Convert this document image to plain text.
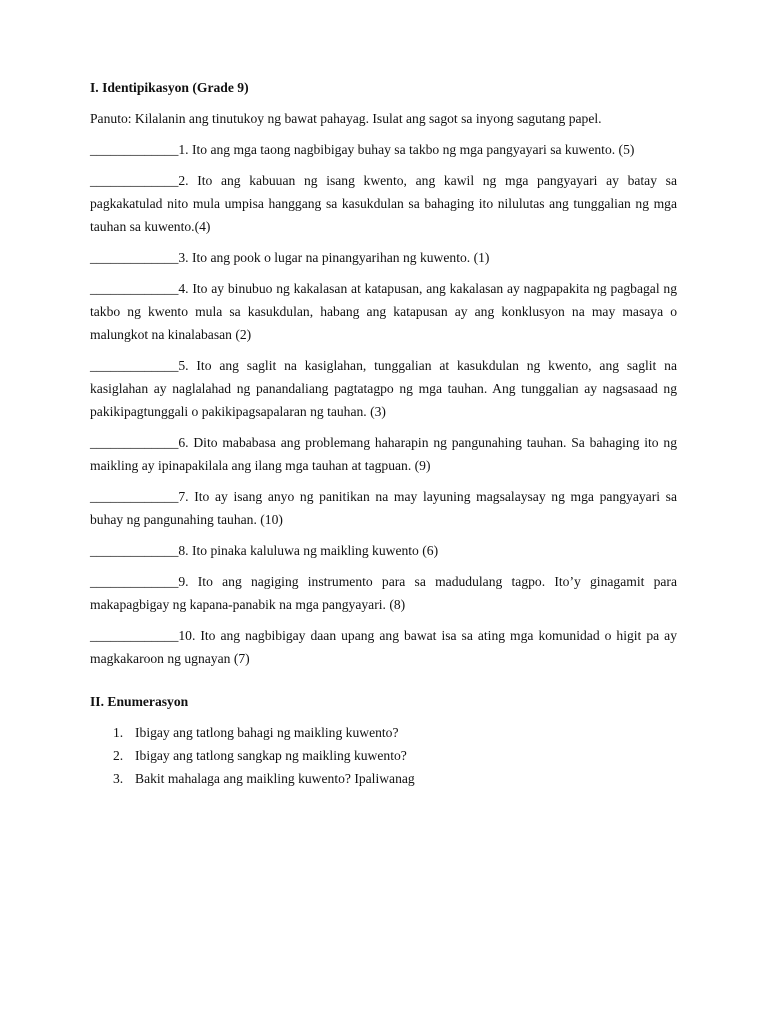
I. Identipikasyon (Grade 9)
Panuto: Kilalanin ang tinutukoy ng bawat pahayag. Isulat ang sagot sa inyong sagutang papel.
_____________1. Ito ang mga taong nagbibigay buhay sa takbo ng mga pangyayari sa kuwento. (5)
_____________2. Ito ang kabuuan ng isang kwento, ang kawil ng mga pangyayari ay batay sa pagkakatulad nito mula umpisa hanggang sa kasukdulan sa bahaging ito nilulutas ang tunggalian ng mga tauhan sa kuwento.(4)
_____________3. Ito ang pook o lugar na pinangyarihan ng kuwento. (1)
_____________4. Ito ay binubuo ng kakalasan at katapusan, ang kakalasan ay nagpapakita ng pagbagal ng takbo ng kwento mula sa kasukdulan, habang ang katapusan ay ang konklusyon na may masaya o malungkot na kinalabasan (2)
_____________5. Ito ang saglit na kasiglahan, tunggalian at kasukdulan ng kwento, ang saglit na kasiglahan ay naglalahad ng panandaliang pagtatagpo ng mga tauhan. Ang tunggalian ay nagsasaad ng pakikipagtunggali o pakikipagsapalaran ng tauhan. (3)
_____________6. Dito mababasa ang problemang haharapin ng pangunahing tauhan. Sa bahaging ito ng maikling ay ipinapakilala ang ilang mga tauhan at tagpuan. (9)
_____________7. Ito ay isang anyo ng panitikan na may layuning magsalaysay ng mga pangyayari sa buhay ng pangunahing tauhan. (10)
_____________8. Ito pinaka kaluluwa ng maikling kuwento (6)
_____________9. Ito ang nagiging instrumento para sa madudulang tagpo. Ito’y ginagamit para makapagbigay ng kapana-panabik na mga pangyayari. (8)
_____________10. Ito ang nagbibigay daan upang ang bawat isa sa ating mga komunidad o higit pa ay magkakaroon ng ugnayan (7)
II. Enumerasyon
1. Ibigay ang tatlong bahagi ng maikling kuwento?
2. Ibigay ang tatlong sangkap ng maikling kuwento?
3. Bakit mahalaga ang maikling kuwento? Ipaliwanag
